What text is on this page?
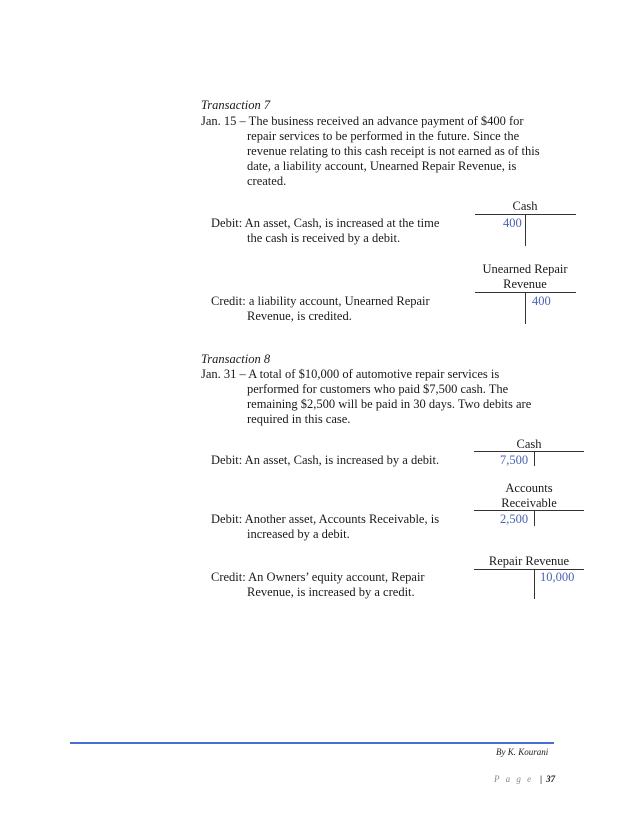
Transaction 7
Jan. 15 – The business received an advance payment of $400 for
repair services to be performed in the future. Since the
revenue relating to this cash receipt is not earned as of this
date, a liability account, Unearned Repair Revenue, is
created.
Cash
400
Debit: An asset, Cash, is increased at the time
the cash is received by a debit.
Unearned Repair
Revenue
400
Credit: a liability account, Unearned Repair
Revenue, is credited.
Transaction 8
Jan. 31 – A total of $10,000 of automotive repair services is
performed for customers who paid $7,500 cash. The
remaining $2,500 will be paid in 30 days. Two debits are
required in this case.
Cash
7,500
Debit: An asset, Cash, is increased by a debit.
Accounts
Receivable
2,500
Debit: Another asset, Accounts Receivable, is
increased by a debit.
Repair Revenue
10,000
Credit: An Owners’ equity account, Repair
Revenue, is increased by a credit.
By K. Kourani
P a g e | 37
